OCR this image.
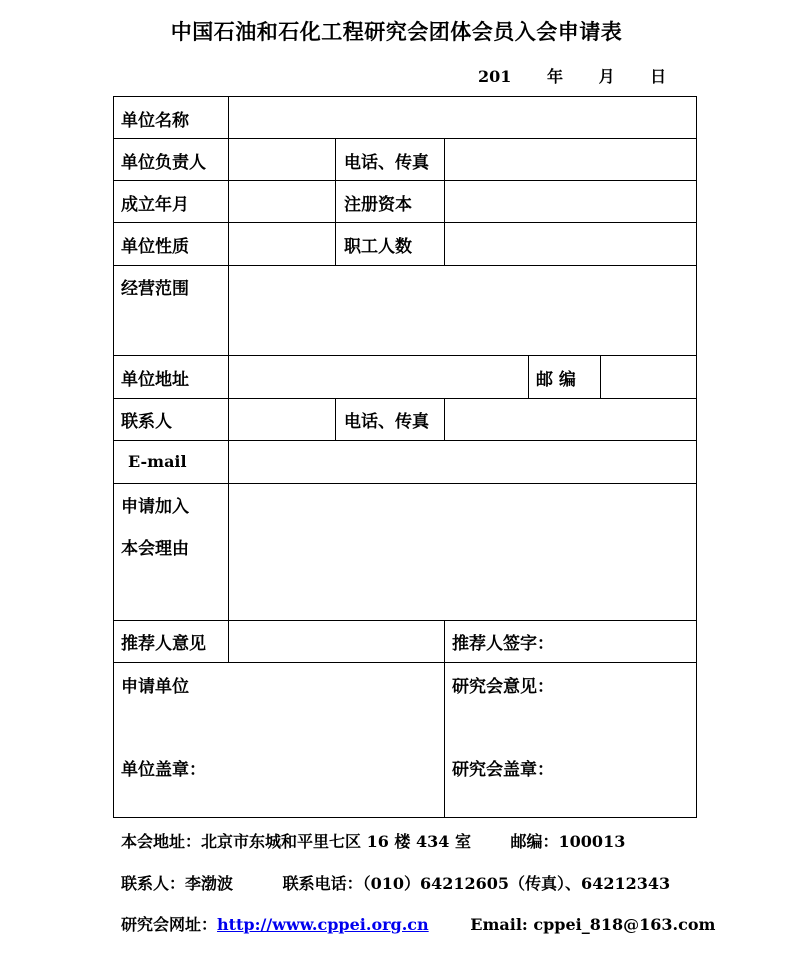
中国石油和石化工程研究会团体会员入会申请表
201 年 月 日
单位名称
单位负责人	电话、传真
成立年月	注册资本
单位性质	职工人数
经营范围
单位地址	邮 编
联系人	电话、传真
E-mail
申请加入
本会理由
推荐人意见	推荐人签字：
申请单位
单位盖章：
研究会意见：
研究会盖章：
本会地址：北京市东城和平里七区 16 楼 434 室 邮编：100013
联系人：李渤波	联系电话：（010）64212605（传真）、64212343
研究会网址：http://www.cppei.org.cn	Email: cppei_818@163.com
